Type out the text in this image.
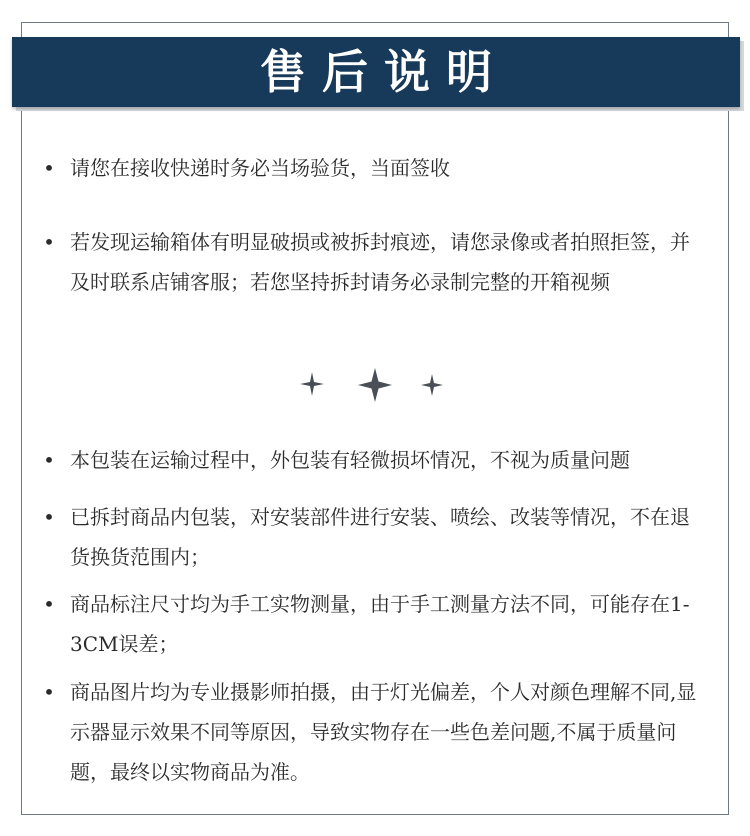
售后说明
• 请您在接收快递时务必当场验货，当面签收
• 若发现运输箱体有明显破损或被拆封痕迹，请您录像或者拍照拒签，并及时联系店铺客服；若您坚持拆封请务必录制完整的开箱视频
• 本包装在运输过程中，外包装有轻微损坏情况，不视为质量问题
• 已拆封商品内包装，对安装部件进行安装、喷绘、改装等情况，不在退货换货范围内；
• 商品标注尺寸均为手工实物测量，由于手工测量方法不同，可能存在1-3CM误差；
• 商品图片均为专业摄影师拍摄，由于灯光偏差，个人对颜色理解不同,显示器显示效果不同等原因，导致实物存在一些色差问题,不属于质量问题，最终以实物商品为准。
